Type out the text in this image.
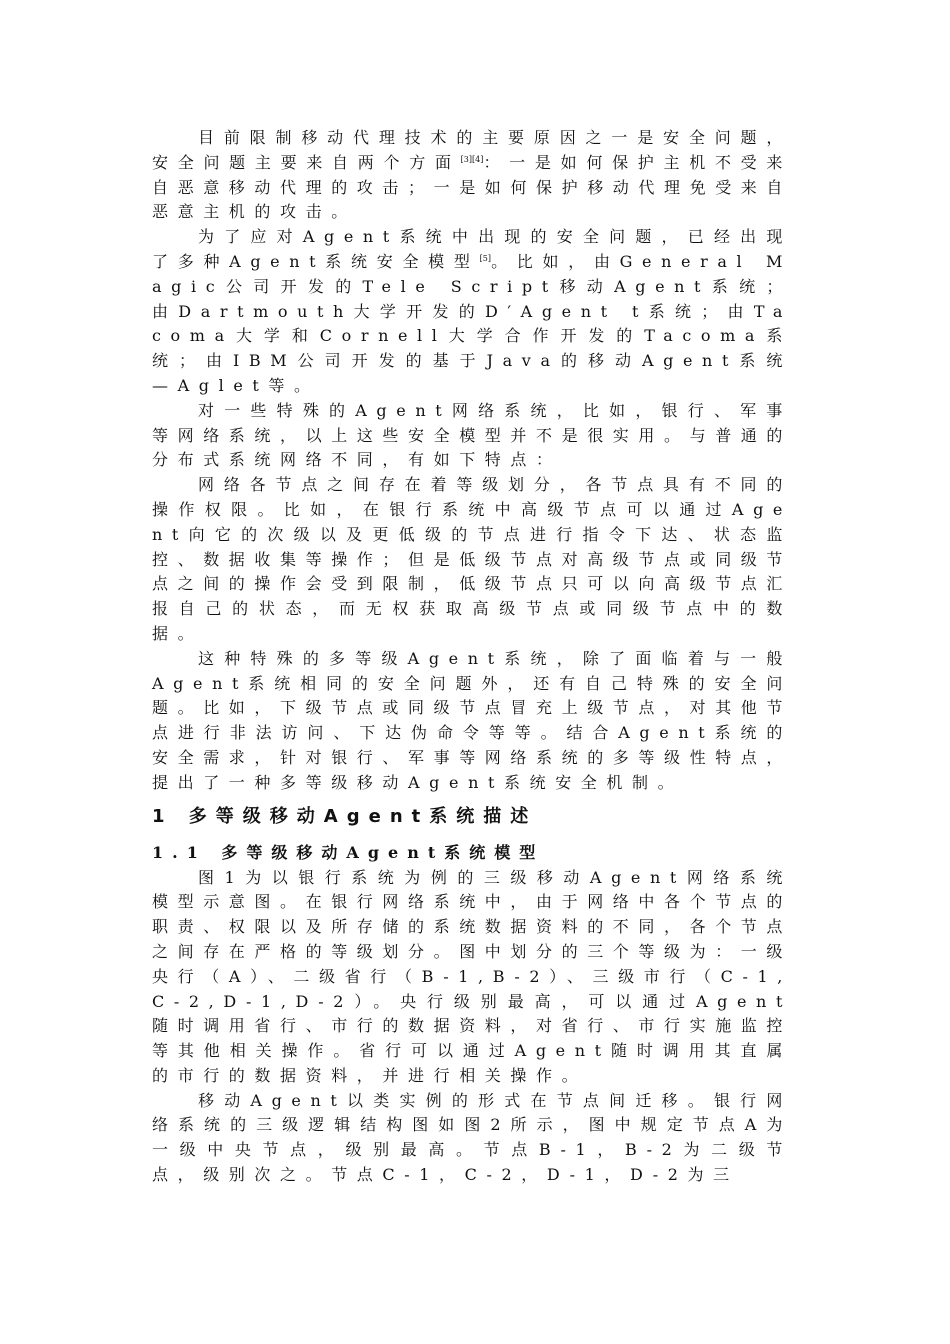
目前限制移动代理技术的主要原因之一是安全问题，安全问题主要来自两个方面[3][4]：一是如何保护主机不受来自恶意移动代理的攻击；一是如何保护移动代理免受来自恶意主机的攻击。

为了应对Agent系统中出现的安全问题，已经出现了多种Agent系统安全模型[5]。比如，由General Magic公司开发的Tele Script移动Agent系统；由Dartmouth大学开发的D′Agent t系统；由Tacoma大学和Cornell大学合作开发的Tacoma系统；由IBM公司开发的基于Java的移动Agent系统—Aglet等。

对一些特殊的Agent网络系统，比如，银行、军事等网络系统，以上这些安全模型并不是很实用。与普通的分布式系统网络不同，有如下特点：

网络各节点之间存在着等级划分，各节点具有不同的操作权限。比如，在银行系统中高级节点可以通过Agent向它的次级以及更低级的节点进行指令下达、状态监控、数据收集等操作；但是低级节点对高级节点或同级节点之间的操作会受到限制，低级节点只可以向高级节点汇报自己的状态，而无权获取高级节点或同级节点中的数据。

这种特殊的多等级Agent系统，除了面临着与一般Agent系统相同的安全问题外，还有自己特殊的安全问题。比如，下级节点或同级节点冒充上级节点，对其他节点进行非法访问、下达伪命令等等。结合Agent系统的安全需求，针对银行、军事等网络系统的多等级性特点，提出了一种多等级移动Agent系统安全机制。

1 多等级移动Agent系统描述
1.1 多等级移动Agent系统模型

图1为以银行系统为例的三级移动Agent网络系统模型示意图。在银行网络系统中，由于网络中各个节点的职责、权限以及所存储的系统数据资料的不同，各个节点之间存在严格的等级划分。图中划分的三个等级为：一级央行（A）、二级省行（B-1,B-2）、三级市行（C-1,C-2,D-1,D-2）。央行级别最高，可以通过Agent随时调用省行、市行的数据资料，对省行、市行实施监控等其他相关操作。省行可以通过Agent随时调用其直属的市行的数据资料，并进行相关操作。

移动Agent以类实例的形式在节点间迁移。银行网络系统的三级逻辑结构图如图2所示，图中规定节点A为一级中央节点，级别最高。节点B-1，B-2为二级节点，级别次之。节点C-1，C-2，D-1，D-2为三
